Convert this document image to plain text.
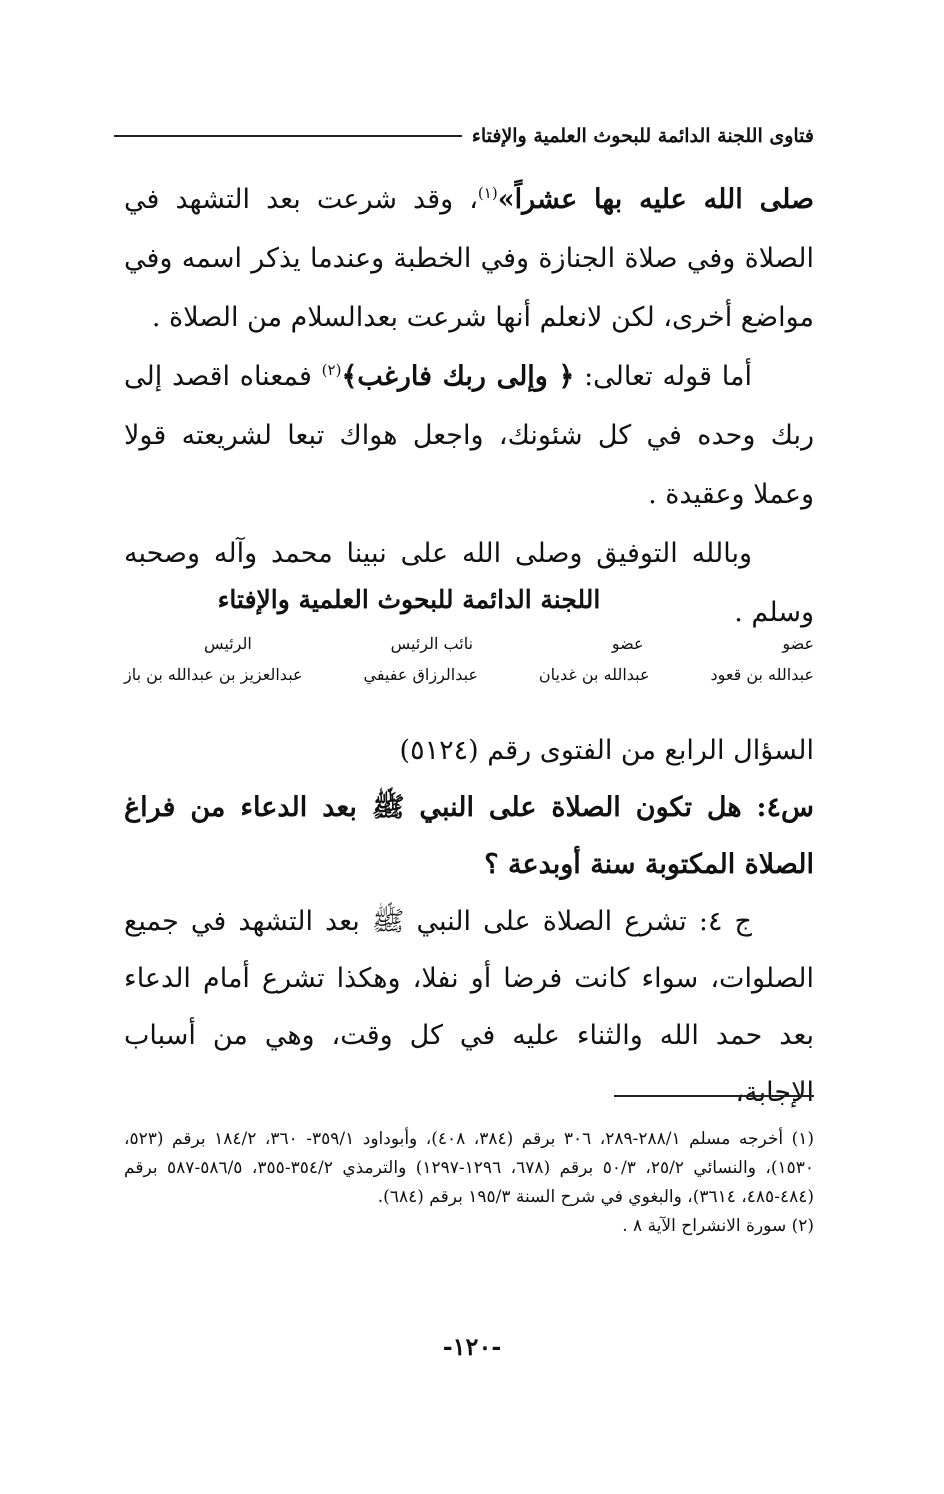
فتاوى اللجنة الدائمة للبحوث العلمية والإفتاء

صلى الله عليه بها عشراً»$^{(١)}$، وقد شرعت بعد التشهد في الصلاة وفي صلاة الجنازة وفي الخطبة وعندما يذكر اسمه وفي مواضع أخرى، لكن لانعلم أنها شرعت بعدالسلام من الصلاة .

أما قوله تعالى: ﴿ وإلى ربك فارغب﴾$^{(٢)}$ فمعناه اقصد إلى ربك وحده في كل شئونك، واجعل هواك تبعا لشريعته قولا وعملا وعقيدة .

وبالله التوفيق وصلى الله على نبينا محمد وآله وصحبه وسلم .

اللجنة الدائمة للبحوث العلمية والإفتاء
عضو
عضو
نائب الرئيس
الرئيس
عبدالله بن قعود
عبدالله بن غديان
عبدالرزاق عفيفي
عبدالعزيز بن عبدالله بن باز

السؤال الرابع من الفتوى رقم (٥١٢٤)

س٤: هل تكون الصلاة على النبي ﷺ بعد الدعاء من فراغ الصلاة المكتوبة سنة أوبدعة ؟

ج ٤: تشرع الصلاة على النبي ﷺ بعد التشهد في جميع الصلوات، سواء كانت فرضا أو نفلا، وهكذا تشرع أمام الدعاء بعد حمد الله والثناء عليه في كل وقت، وهي من أسباب الإجابة،

(١) أخرجه مسلم ٢٨٨/١-٢٨٩، ٣٠٦ برقم (٣٨٤، ٤٠٨)، وأبوداود ٣٥٩/١- ٣٦٠، ١٨٤/٢ برقم (٥٢٣، ١٥٣٠)، والنسائي ٢٥/٢، ٥٠/٣ برقم (٦٧٨، ١٢٩٦-١٢٩٧) والترمذي ٣٥٤/٢-٣٥٥، ٥٨٦/٥-٥٨٧ برقم (٤٨٤-٤٨٥، ٣٦١٤)، والبغوي في شرح السنة ١٩٥/٣ برقم (٦٨٤).

(٢) سورة الانشراح الآية ٨ .

-١٢٠-
